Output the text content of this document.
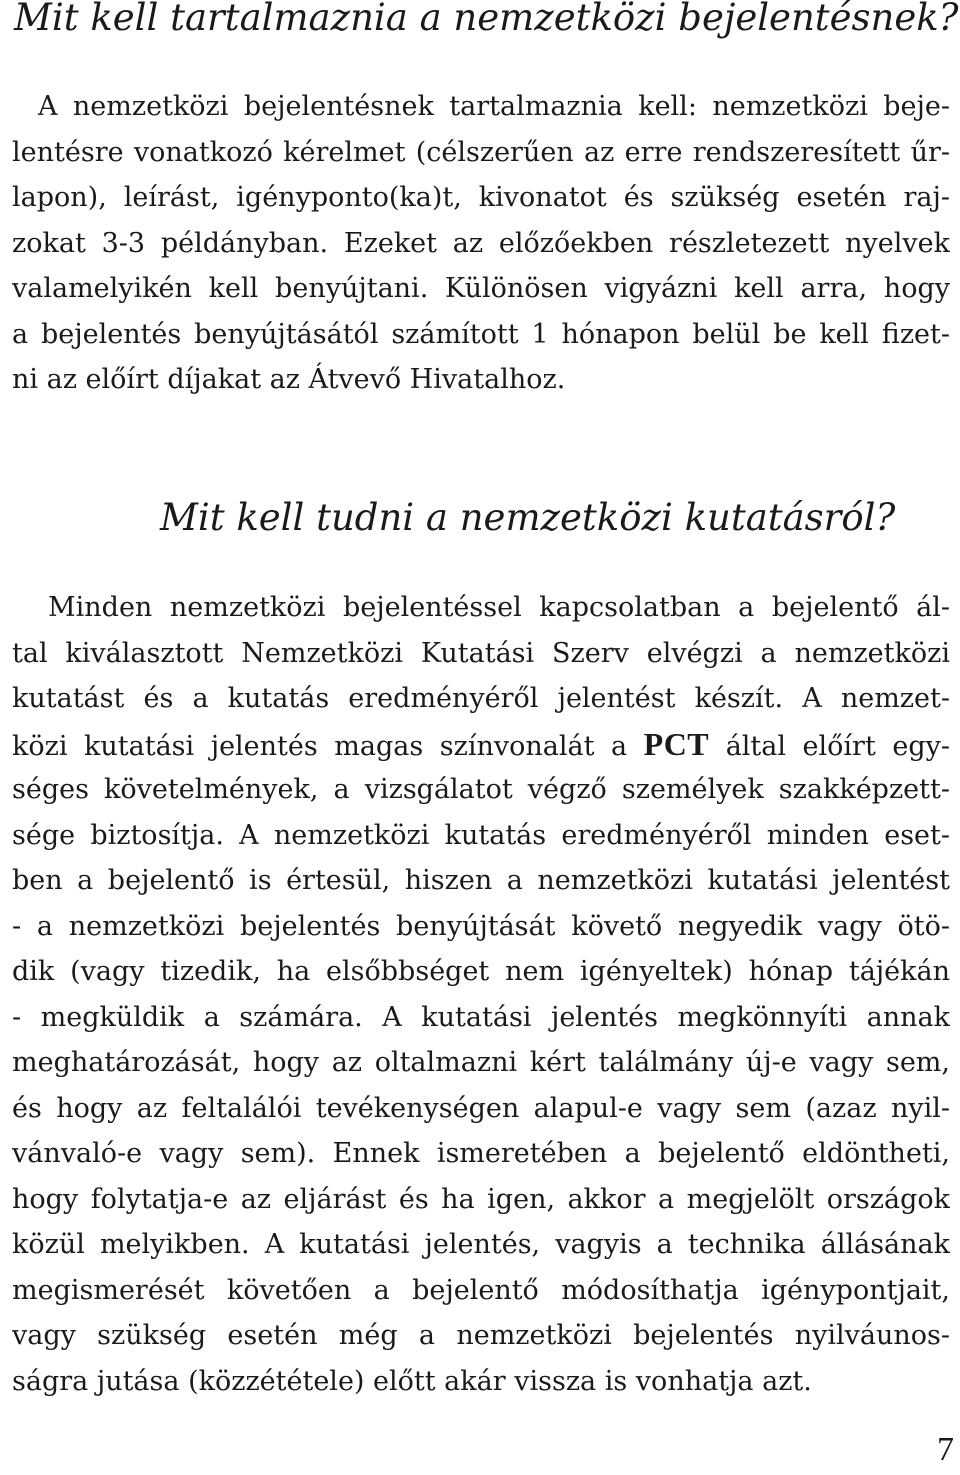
Mit kell tartalmaznia a nemzetközi bejelentésnek?
A nemzetközi bejelentésnek tartalmaznia kell: nemzetközi beje-
lentésre vonatkozó kérelmet (célszerűen az erre rendszeresített űr-
lapon), leírást, igénypontо(ka)t, kivonatot és szükség esetén raj-
zokat 3-3 példányban. Ezeket az előzőekben részletezett nyelvek
valamelyikén kell benyújtani. Különösen vigyázni kell arra, hogy
a bejelentés benyújtásától számított 1 hónapon belül be kell fizet-
ni az előírt díjakat az Átvevő Hivatalhoz.
Mit kell tudni a nemzetközi kutatásról?
Minden nemzetközi bejelentéssel kapcsolatban a bejelentő ál-
tal kiválasztott Nemzetközi Kutatási Szerv elvégzi a nemzetközi
kutatást és a kutatás eredményéről jelentést készít. A nemzet-
közi kutatási jelentés magas színvonalát a PCT által előírt egy-
séges követelmények, a vizsgálatot végző személyek szakképzett-
sége biztosítja. A nemzetközi kutatás eredményéről minden eset-
ben a bejelentő is értesül, hiszen a nemzetközi kutatási jelentést
- a nemzetközi bejelentés benyújtását követő negyedik vagy ötö-
dik (vagy tizedik, ha elsőbbséget nem igényeltek) hónap tájékán
- megküldik a számára. A kutatási jelentés megkönnyíti annak
meghatározását, hogy az oltalmazni kért találmány új-e vagy sem,
és hogy az feltalálói tevékenységen alapul-e vagy sem (azaz nyil-
vánvaló-e vagy sem). Ennek ismeretében a bejelentő eldöntheti,
hogy folytatja-e az eljárást és ha igen, akkor a megjelölt országok
közül melyikben. A kutatási jelentés, vagyis a technika állásának
megismerését követően a bejelentő módosíthatja igénypontjait,
vagy szükség esetén még a nemzetközi bejelentés nyilváunos-
ságra jutása (közzététele) előtt akár vissza is vonhatja azt.
7
